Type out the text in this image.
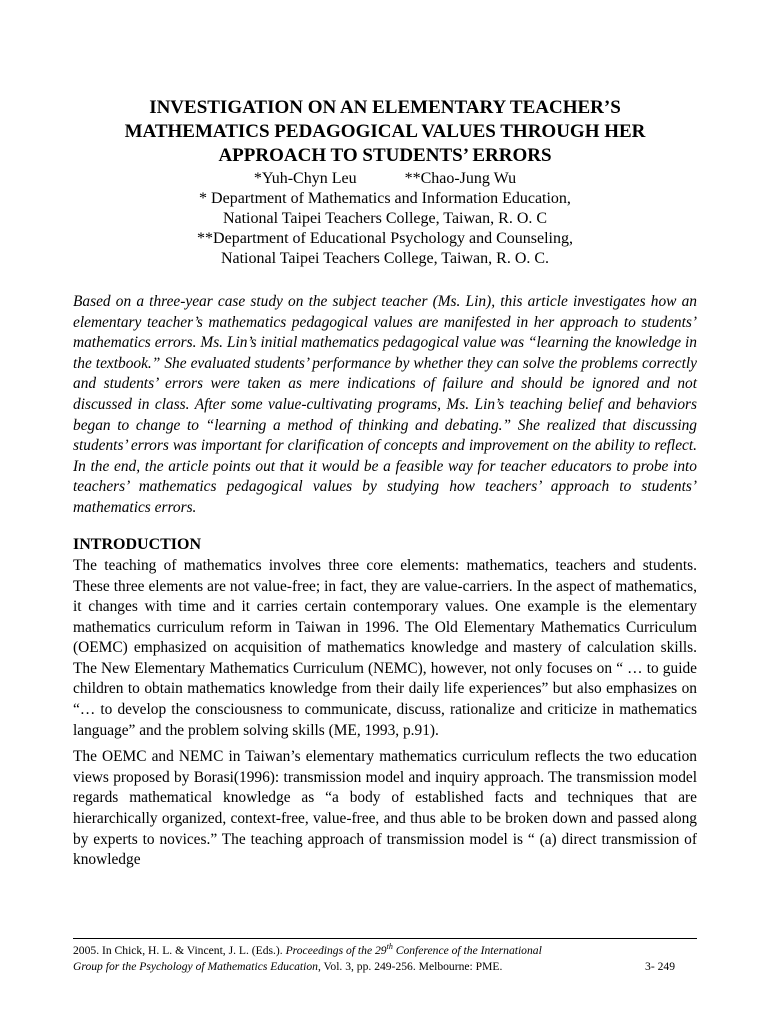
INVESTIGATION ON AN ELEMENTARY TEACHER’S
MATHEMATICS PEDAGOGICAL VALUES THROUGH HER
APPROACH TO STUDENTS’ ERRORS
*Yuh-Chyn Leu	**Chao-Jung Wu
* Department of Mathematics and Information Education,
National Taipei Teachers College, Taiwan, R. O. C
**Department of Educational Psychology and Counseling,
National Taipei Teachers College, Taiwan, R. O. C.

Based on a three-year case study on the subject teacher (Ms. Lin), this article investigates how an elementary teacher’s mathematics pedagogical values are manifested in her approach to students’ mathematics errors. Ms. Lin’s initial mathematics pedagogical value was “learning the knowledge in the textbook.” She evaluated students’ performance by whether they can solve the problems correctly and students’ errors were taken as mere indications of failure and should be ignored and not discussed in class. After some value-cultivating programs, Ms. Lin’s teaching belief and behaviors began to change to “learning a method of thinking and debating.” She realized that discussing students’ errors was important for clarification of concepts and improvement on the ability to reflect. In the end, the article points out that it would be a feasible way for teacher educators to probe into teachers’ mathematics pedagogical values by studying how teachers’ approach to students’ mathematics errors.

INTRODUCTION

The teaching of mathematics involves three core elements: mathematics, teachers and students. These three elements are not value-free; in fact, they are value-carriers. In the aspect of mathematics, it changes with time and it carries certain contemporary values. One example is the elementary mathematics curriculum reform in Taiwan in 1996. The Old Elementary Mathematics Curriculum (OEMC) emphasized on acquisition of mathematics knowledge and mastery of calculation skills. The New Elementary Mathematics Curriculum (NEMC), however, not only focuses on “ … to guide children to obtain mathematics knowledge from their daily life experiences” but also emphasizes on “… to develop the consciousness to communicate, discuss, rationalize and criticize in mathematics language” and the problem solving skills (ME, 1993, p.91).

The OEMC and NEMC in Taiwan’s elementary mathematics curriculum reflects the two education views proposed by Borasi(1996): transmission model and inquiry approach. The transmission model regards mathematical knowledge as “a body of established facts and techniques that are hierarchically organized, context-free, value-free, and thus able to be broken down and passed along by experts to novices.” The teaching approach of transmission model is “ (a) direct transmission of knowledge

2005. In Chick, H. L. & Vincent, J. L. (Eds.). Proceedings of the 29th Conference of the International
Group for the Psychology of Mathematics Education, Vol. 3, pp. 249-256. Melbourne: PME.	3- 249
